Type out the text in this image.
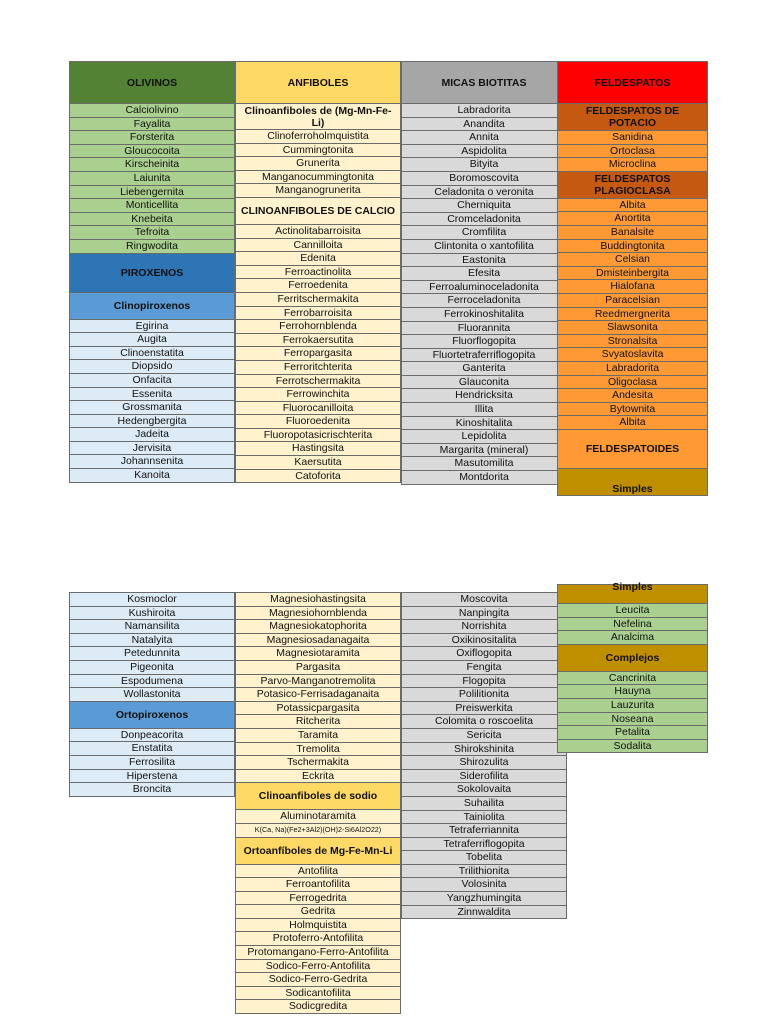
OLIVINOS
Calciolivino
Fayalita
Forsterita
Gloucocoita
Kirscheinita
Laiunita
Liebengernita
Monticellita
Knebeita
Tefroita
Ringwodita
PIROXENOS
Clinopiroxenos
Egirina
Augita
Clinoenstatita
Diopsido
Onfacita
Essenita
Grossmanita
Hedengbergita
Jadeita
Jervisita
Johannsenita
Kanoita
ANFIBOLES
Clinoanfiboles de (Mg-Mn-Fe-Li)
Clinoferroholmquistita
Cummingtonita
Grunerita
Manganocummingtonita
Manganogrunerita
CLINOANFIBOLES DE CALCIO
Actinolitabarroisita
Cannilloita
Edenita
Ferroactinolita
Ferroedenita
Ferritschermakita
Ferrobarroisita
Ferrohornblenda
Ferrokaersutita
Ferropargasita
Ferroritchterita
Ferrotschermakita
Ferrowinchita
Fluorocanilloita
Fluoroedenita
Fluoropotasicrischterita
Hastingsita
Kaersutita
Catoforita
MICAS BIOTITAS
Labradorita
Anandita
Annita
Aspidolita
Bityita
Boromoscovita
Celadonita o veronita
Cherniquita
Cromceladonita
Cromfilita
Clintonita o xantofilita
Eastonita
Efesita
Ferroaluminoceladonita
Ferroceladonita
Ferrokinoshitalita
Fluorannita
Fluorflogopita
Fluortetraferriflogopita
Ganterita
Glauconita
Hendricksita
Illita
Kinoshitalita
Lepidolita
Margarita (mineral)
Masutomilita
Montdorita
FELDESPATOS
FELDESPATOS DE POTACIO
Sanidina
Ortoclasa
Microclina
FELDESPATOS PLAGIOCLASA
Albita
Anortita
Banalsite
Buddingtonita
Celsian
Dmisteinbergita
Hialofana
Paracelsian
Reedmergnerita
Slawsonita
Stronalsita
Svyatoslavita
Labradorita
Oligoclasa
Andesita
Bytownita
Albita
FELDESPATOIDES
Simples
Kosmoclor
Kushiroita
Namansilita
Natalyita
Petedunnita
Pigeonita
Espodumena
Wollastonita
Ortopiroxenos
Donpeacorita
Enstatita
Ferrosilita
Hiperstena
Broncita
Magnesiohastingsita
Magnesiohornblenda
Magnesiokatophorita
Magnesiosadanagaita
Magnesiotaramita
Pargasita
Parvo-Manganotremolita
Potasico-Ferrisadaganaita
Potassicpargasita
Ritcherita
Taramita
Tremolita
Tschermakita
Eckrita
Clinoanfiboles de sodio
Aluminotaramita
K(Ca, Na)(Fe2+3Al2)(OH)2-Si6Al2O22)
Ortoanfíboles de Mg-Fe-Mn-Li
Antofilita
Ferroantofilita
Ferrogedrita
Gedrita
Holmquistita
Protoferro-Antofilita
Protomangano-Ferro-Antofilita
Sodico-Ferro-Antofilita
Sodico-Ferro-Gedrita
Sodicantofilita
Sodicgredita
Moscovita
Nanpingita
Norrishita
Oxikinositalita
Oxiflogopita
Fengita
Flogopita
Polilitionita
Preiswerkita
Colomita o roscoelita
Sericita
Shirokshinita
Shirozulita
Siderofilita
Sokolovaita
Suhailita
Tainiolita
Tetraferriannita
Tetraferriflogopita
Tobelita
Trilithionita
Volosinita
Yangzhumingita
Zinnwaldita
Simples
Leucita
Nefelina
Analcima
Complejos
Cancrinita
Hauyna
Lauzurita
Noseana
Petalita
Sodalita
